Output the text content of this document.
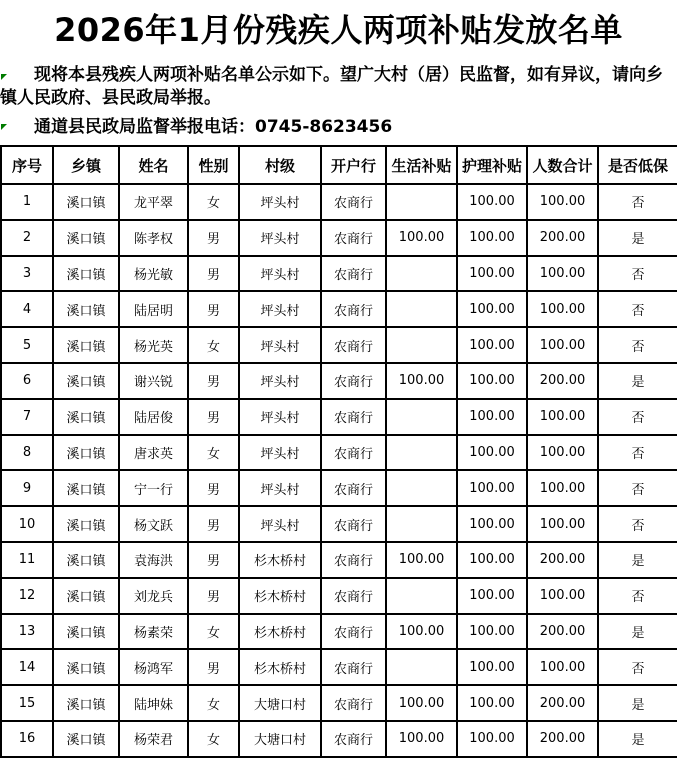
2026年1月份残疾人两项补贴发放名单

现将本县残疾人两项补贴名单公示如下。望广大村（居）民监督，如有异议，请向乡镇人民政府、县民政局举报。

通道县民政局监督举报电话：0745-8623456

序号	乡镇	姓名	性别	村级	开户行	生活补贴	护理补贴	人数合计	是否低保
1	溪口镇	龙平翠	女	坪头村	农商行		100.00	100.00	否
2	溪口镇	陈孝权	男	坪头村	农商行	100.00	100.00	200.00	是
3	溪口镇	杨光敏	男	坪头村	农商行		100.00	100.00	否
4	溪口镇	陆居明	男	坪头村	农商行		100.00	100.00	否
5	溪口镇	杨光英	女	坪头村	农商行		100.00	100.00	否
6	溪口镇	谢兴锐	男	坪头村	农商行	100.00	100.00	200.00	是
7	溪口镇	陆居俊	男	坪头村	农商行		100.00	100.00	否
8	溪口镇	唐求英	女	坪头村	农商行		100.00	100.00	否
9	溪口镇	宁一行	男	坪头村	农商行		100.00	100.00	否
10	溪口镇	杨文跃	男	坪头村	农商行		100.00	100.00	否
11	溪口镇	袁海洪	男	杉木桥村	农商行	100.00	100.00	200.00	是
12	溪口镇	刘龙兵	男	杉木桥村	农商行		100.00	100.00	否
13	溪口镇	杨素荣	女	杉木桥村	农商行	100.00	100.00	200.00	是
14	溪口镇	杨鸿军	男	杉木桥村	农商行		100.00	100.00	否
15	溪口镇	陆坤妹	女	大塘口村	农商行	100.00	100.00	200.00	是
16	溪口镇	杨荣君	女	大塘口村	农商行	100.00	100.00	200.00	是
